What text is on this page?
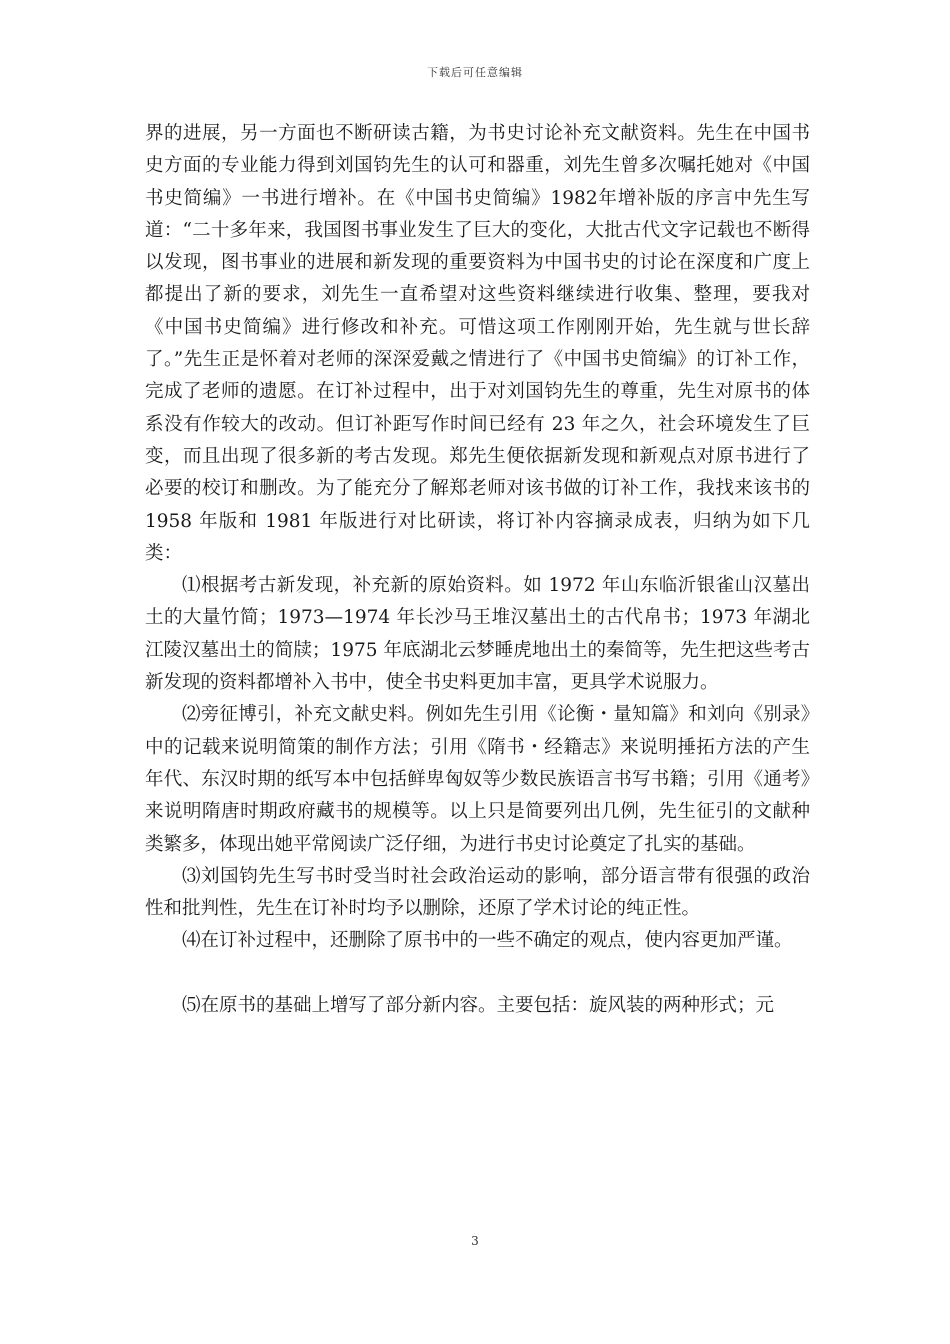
下载后可任意编辑

界的进展，另一方面也不断研读古籍，为书史讨论补充文献资料。先生在中国书史方面的专业能力得到刘国钧先生的认可和器重，刘先生曾多次嘱托她对《中国书史简编》一书进行增补。在《中国书史简编》1982年增补版的序言中先生写道：“二十多年来，我国图书事业发生了巨大的变化，大批古代文字记载也不断得以发现，图书事业的进展和新发现的重要资料为中国书史的讨论在深度和广度上都提出了新的要求，刘先生一直希望对这些资料继续进行收集、整理，要我对《中国书史简编》进行修改和补充。可惜这项工作刚刚开始，先生就与世长辞了。”先生正是怀着对老师的深深爱戴之情进行了《中国书史简编》的订补工作，完成了老师的遗愿。在订补过程中，出于对刘国钧先生的尊重，先生对原书的体系没有作较大的改动。但订补距写作时间已经有 23 年之久，社会环境发生了巨变，而且出现了很多新的考古发现。郑先生便依据新发现和新观点对原书进行了必要的校订和删改。为了能充分了解郑老师对该书做的订补工作，我找来该书的 1958 年版和 1981 年版进行对比研读，将订补内容摘录成表，归纳为如下几类：

⑴根据考古新发现，补充新的原始资料。如 1972 年山东临沂银雀山汉墓出土的大量竹简；1973—1974 年长沙马王堆汉墓出土的古代帛书；1973 年湖北江陵汉墓出土的简牍；1975 年底湖北云梦睡虎地出土的秦简等，先生把这些考古新发现的资料都增补入书中，使全书史料更加丰富，更具学术说服力。

⑵旁征博引，补充文献史料。例如先生引用《论衡・量知篇》和刘向《别录》中的记载来说明简策的制作方法；引用《隋书・经籍志》来说明捶拓方法的产生年代、东汉时期的纸写本中包括鲜卑匈奴等少数民族语言书写书籍；引用《通考》来说明隋唐时期政府藏书的规模等。以上只是简要列出几例，先生征引的文献种类繁多，体现出她平常阅读广泛仔细，为进行书史讨论奠定了扎实的基础。

⑶刘国钧先生写书时受当时社会政治运动的影响，部分语言带有很强的政治性和批判性，先生在订补时均予以删除，还原了学术讨论的纯正性。

⑷在订补过程中，还删除了原书中的一些不确定的观点，使内容更加严谨。

⑸在原书的基础上增写了部分新内容。主要包括：旋风装的两种形式；元

3
